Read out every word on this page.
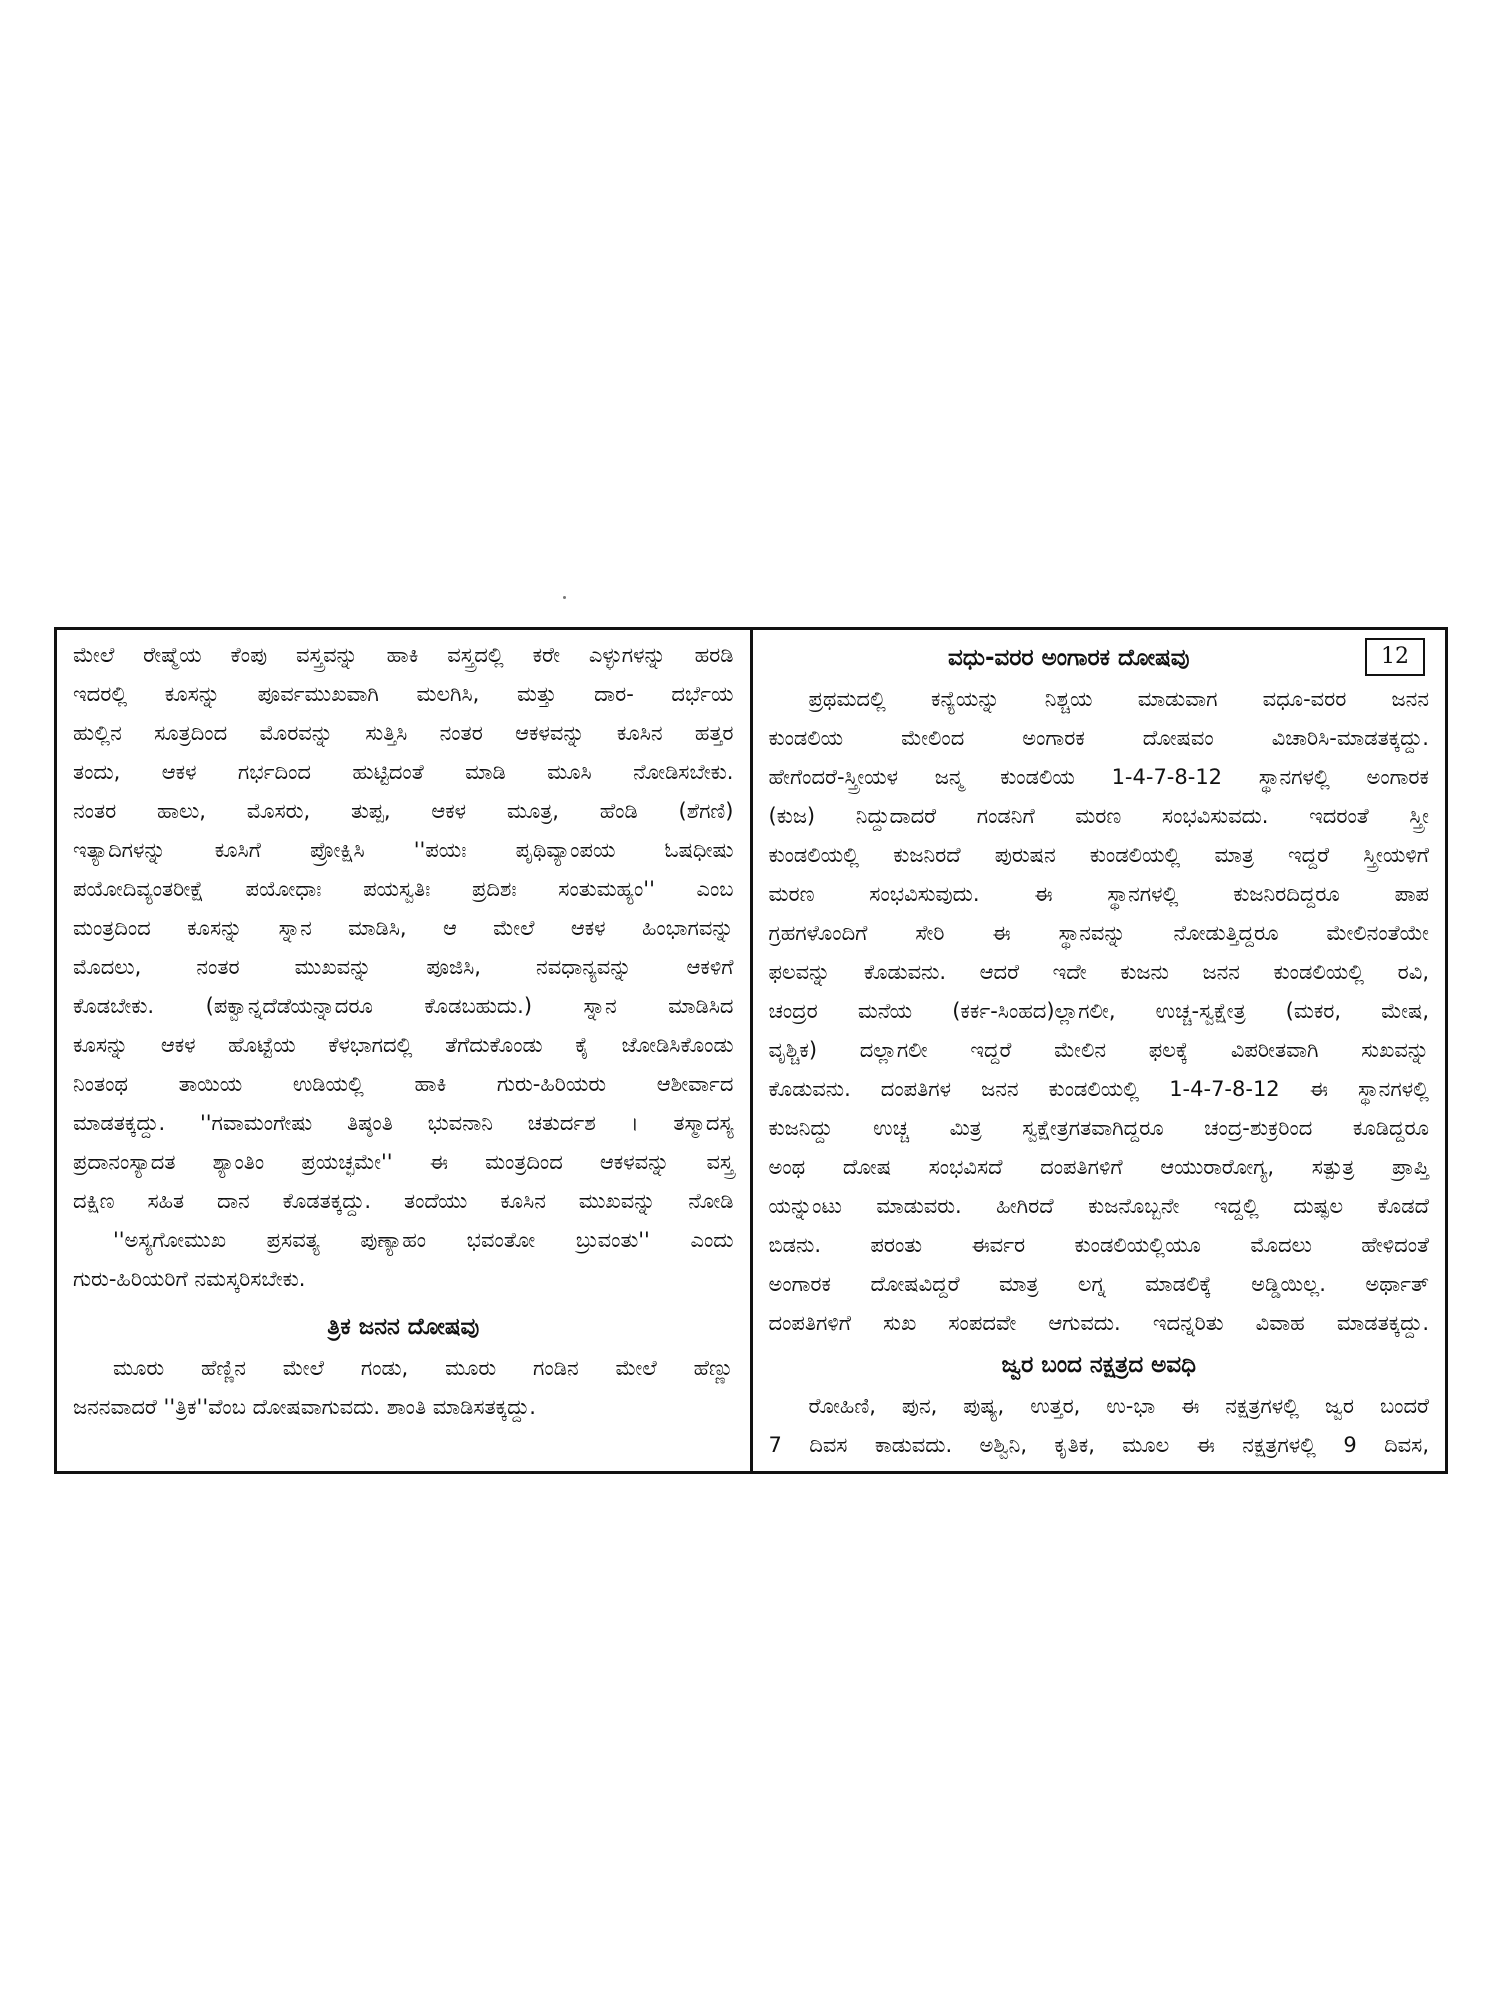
ಮೇಲೆ ರೇಷ್ಮೆಯ ಕೆಂಪು ವಸ್ತ್ರವನ್ನು ಹಾಕಿ ವಸ್ತ್ರದಲ್ಲಿ ಕರೇ ಎಳ್ಳುಗಳನ್ನು ಹರಡಿ
ಇದರಲ್ಲಿ ಕೂಸನ್ನು ಪೂರ್ವಮುಖವಾಗಿ ಮಲಗಿಸಿ, ಮತ್ತು ದಾರ- ದರ್ಭೆಯ
ಹುಲ್ಲಿನ ಸೂತ್ರದಿಂದ ಮೊರವನ್ನು ಸುತ್ತಿಸಿ ನಂತರ ಆಕಳವನ್ನು ಕೂಸಿನ ಹತ್ತರ
ತಂದು, ಆಕಳ ಗರ್ಭದಿಂದ ಹುಟ್ಟಿದಂತೆ ಮಾಡಿ ಮೂಸಿ ನೋಡಿಸಬೇಕು.
ನಂತರ ಹಾಲು, ಮೊಸರು, ತುಪ್ಪ, ಆಕಳ ಮೂತ್ರ, ಹೆಂಡಿ (ಶೆಗಣಿ)
ಇತ್ಯಾದಿಗಳನ್ನು ಕೂಸಿಗೆ ಪ್ರೋಕ್ಷಿಸಿ ''ಪಯಃ ಪೃಥಿವ್ಯಾಂಪಯ ಓಷಧೀಷು
ಪಯೋದಿವ್ಯಂತರೀಕ್ಷೆ ಪಯೋಧಾಃ ಪಯಸ್ವತಿಃ ಪ್ರದಿಶಃ ಸಂತುಮಹ್ಯಂ'' ಎಂಬ
ಮಂತ್ರದಿಂದ ಕೂಸನ್ನು ಸ್ನಾನ ಮಾಡಿಸಿ, ಆ ಮೇಲೆ ಆಕಳ ಹಿಂಭಾಗವನ್ನು
ಮೊದಲು, ನಂತರ ಮುಖವನ್ನು ಪೂಜಿಸಿ, ನವಧಾನ್ಯವನ್ನು ಆಕಳಿಗೆ
ಕೊಡಬೇಕು. (ಪಕ್ವಾನ್ನದೆಡೆಯನ್ನಾದರೂ ಕೊಡಬಹುದು.) ಸ್ನಾನ ಮಾಡಿಸಿದ
ಕೂಸನ್ನು ಆಕಳ ಹೊಟ್ಟೆಯ ಕೆಳಭಾಗದಲ್ಲಿ ತೆಗೆದುಕೊಂಡು ಕೈ ಜೋಡಿಸಿಕೊಂಡು
ನಿಂತಂಥ ತಾಯಿಯ ಉಡಿಯಲ್ಲಿ ಹಾಕಿ ಗುರು-ಹಿರಿಯರು ಆಶೀರ್ವಾದ
ಮಾಡತಕ್ಕದ್ದು. ''ಗವಾಮಂಗೇಷು ತಿಷ್ಠಂತಿ ಭುವನಾನಿ ಚತುರ್ದಶ । ತಸ್ಮಾದಸ್ಯ
ಪ್ರದಾನಂಸ್ಯಾದತ ಶ್ಯಾಂತಿಂ ಪ್ರಯಚ್ಛಮೇ'' ಈ ಮಂತ್ರದಿಂದ ಆಕಳವನ್ನು ವಸ್ತ್ರ
ದಕ್ಷಿಣ ಸಹಿತ ದಾನ ಕೊಡತಕ್ಕದ್ದು. ತಂದೆಯು ಕೂಸಿನ ಮುಖವನ್ನು ನೋಡಿ
''ಅಸ್ಯಗೋಮುಖ ಪ್ರಸವತ್ಯ ಪುಣ್ಯಾಹಂ ಭವಂತೋ ಬ್ರುವಂತು'' ಎಂದು
ಗುರು-ಹಿರಿಯರಿಗೆ ನಮಸ್ಕರಿಸಬೇಕು.
ತ್ರಿಕ ಜನನ ದೋಷವು
ಮೂರು ಹೆಣ್ಣಿನ ಮೇಲೆ ಗಂಡು, ಮೂರು ಗಂಡಿನ ಮೇಲೆ ಹೆಣ್ಣು
ಜನನವಾದರೆ ''ತ್ರಿಕ''ವೆಂಬ ದೋಷವಾಗುವದು. ಶಾಂತಿ ಮಾಡಿಸತಕ್ಕದ್ದು.
12
ವಧು-ವರರ ಅಂಗಾರಕ ದೋಷವು
ಪ್ರಥಮದಲ್ಲಿ ಕನ್ಯೆಯನ್ನು ನಿಶ್ಚಯ ಮಾಡುವಾಗ ವಧೂ-ವರರ ಜನನ
ಕುಂಡಲಿಯ ಮೇಲಿಂದ ಅಂಗಾರಕ ದೋಷವಂ ವಿಚಾರಿಸಿ-ಮಾಡತಕ್ಕದ್ದು.
ಹೇಗೆಂದರೆ-ಸ್ತ್ರೀಯಳ ಜನ್ಮ ಕುಂಡಲಿಯ 1-4-7-8-12 ಸ್ಥಾನಗಳಲ್ಲಿ ಅಂಗಾರಕ
(ಕುಜ) ನಿದ್ದುದಾದರೆ ಗಂಡನಿಗೆ ಮರಣ ಸಂಭವಿಸುವದು. ಇದರಂತೆ ಸ್ತ್ರೀ
ಕುಂಡಲಿಯಲ್ಲಿ ಕುಜನಿರದೆ ಪುರುಷನ ಕುಂಡಲಿಯಲ್ಲಿ ಮಾತ್ರ ಇದ್ದರೆ ಸ್ತ್ರೀಯಳಿಗೆ
ಮರಣ ಸಂಭವಿಸುವುದು. ಈ ಸ್ಥಾನಗಳಲ್ಲಿ ಕುಜನಿರದಿದ್ದರೂ ಪಾಪ
ಗ್ರಹಗಳೊಂದಿಗೆ ಸೇರಿ ಈ ಸ್ಥಾನವನ್ನು ನೋಡುತ್ತಿದ್ದರೂ ಮೇಲಿನಂತೆಯೇ
ಫಲವನ್ನು ಕೊಡುವನು. ಆದರೆ ಇದೇ ಕುಜನು ಜನನ ಕುಂಡಲಿಯಲ್ಲಿ ರವಿ,
ಚಂದ್ರರ ಮನೆಯ (ಕರ್ಕ-ಸಿಂಹದ)ಲ್ಲಾಗಲೀ, ಉಚ್ಚ-ಸ್ವಕ್ಷೇತ್ರ (ಮಕರ, ಮೇಷ,
ವೃಶ್ಚಿಕ) ದಲ್ಲಾಗಲೀ ಇದ್ದರೆ ಮೇಲಿನ ಫಲಕ್ಕೆ ವಿಪರೀತವಾಗಿ ಸುಖವನ್ನು
ಕೊಡುವನು. ದಂಪತಿಗಳ ಜನನ ಕುಂಡಲಿಯಲ್ಲಿ 1-4-7-8-12 ಈ ಸ್ಥಾನಗಳಲ್ಲಿ
ಕುಜನಿದ್ದು ಉಚ್ಚ ಮಿತ್ರ ಸ್ವಕ್ಷೇತ್ರಗತವಾಗಿದ್ದರೂ ಚಂದ್ರ-ಶುಕ್ರರಿಂದ ಕೂಡಿದ್ದರೂ
ಅಂಥ ದೋಷ ಸಂಭವಿಸದೆ ದಂಪತಿಗಳಿಗೆ ಆಯುರಾರೋಗ್ಯ, ಸತ್ಪುತ್ರ ಪ್ರಾಪ್ತಿ
ಯನ್ನುಂಟು ಮಾಡುವರು. ಹೀಗಿರದೆ ಕುಜನೊಬ್ಬನೇ ಇದ್ದಲ್ಲಿ ದುಷ್ಫಲ ಕೊಡದೆ
ಬಿಡನು. ಪರಂತು ಈರ್ವರ ಕುಂಡಲಿಯಲ್ಲಿಯೂ ಮೊದಲು ಹೇಳಿದಂತೆ
ಅಂಗಾರಕ ದೋಷವಿದ್ದರೆ ಮಾತ್ರ ಲಗ್ನ ಮಾಡಲಿಕ್ಕೆ ಅಡ್ಡಿಯಿಲ್ಲ. ಅರ್ಥಾತ್
ದಂಪತಿಗಳಿಗೆ ಸುಖ ಸಂಪದವೇ ಆಗುವದು. ಇದನ್ನರಿತು ವಿವಾಹ ಮಾಡತಕ್ಕದ್ದು.
ಜ್ವರ ಬಂದ ನಕ್ಷತ್ರದ ಅವಧಿ
ರೋಹಿಣಿ, ಪುನ, ಪುಷ್ಯ, ಉತ್ತರ, ಉ-ಭಾ ಈ ನಕ್ಷತ್ರಗಳಲ್ಲಿ ಜ್ವರ ಬಂದರೆ
7 ದಿವಸ ಕಾಡುವದು. ಅಶ್ವಿನಿ, ಕೃತಿಕ, ಮೂಲ ಈ ನಕ್ಷತ್ರಗಳಲ್ಲಿ 9 ದಿವಸ,
